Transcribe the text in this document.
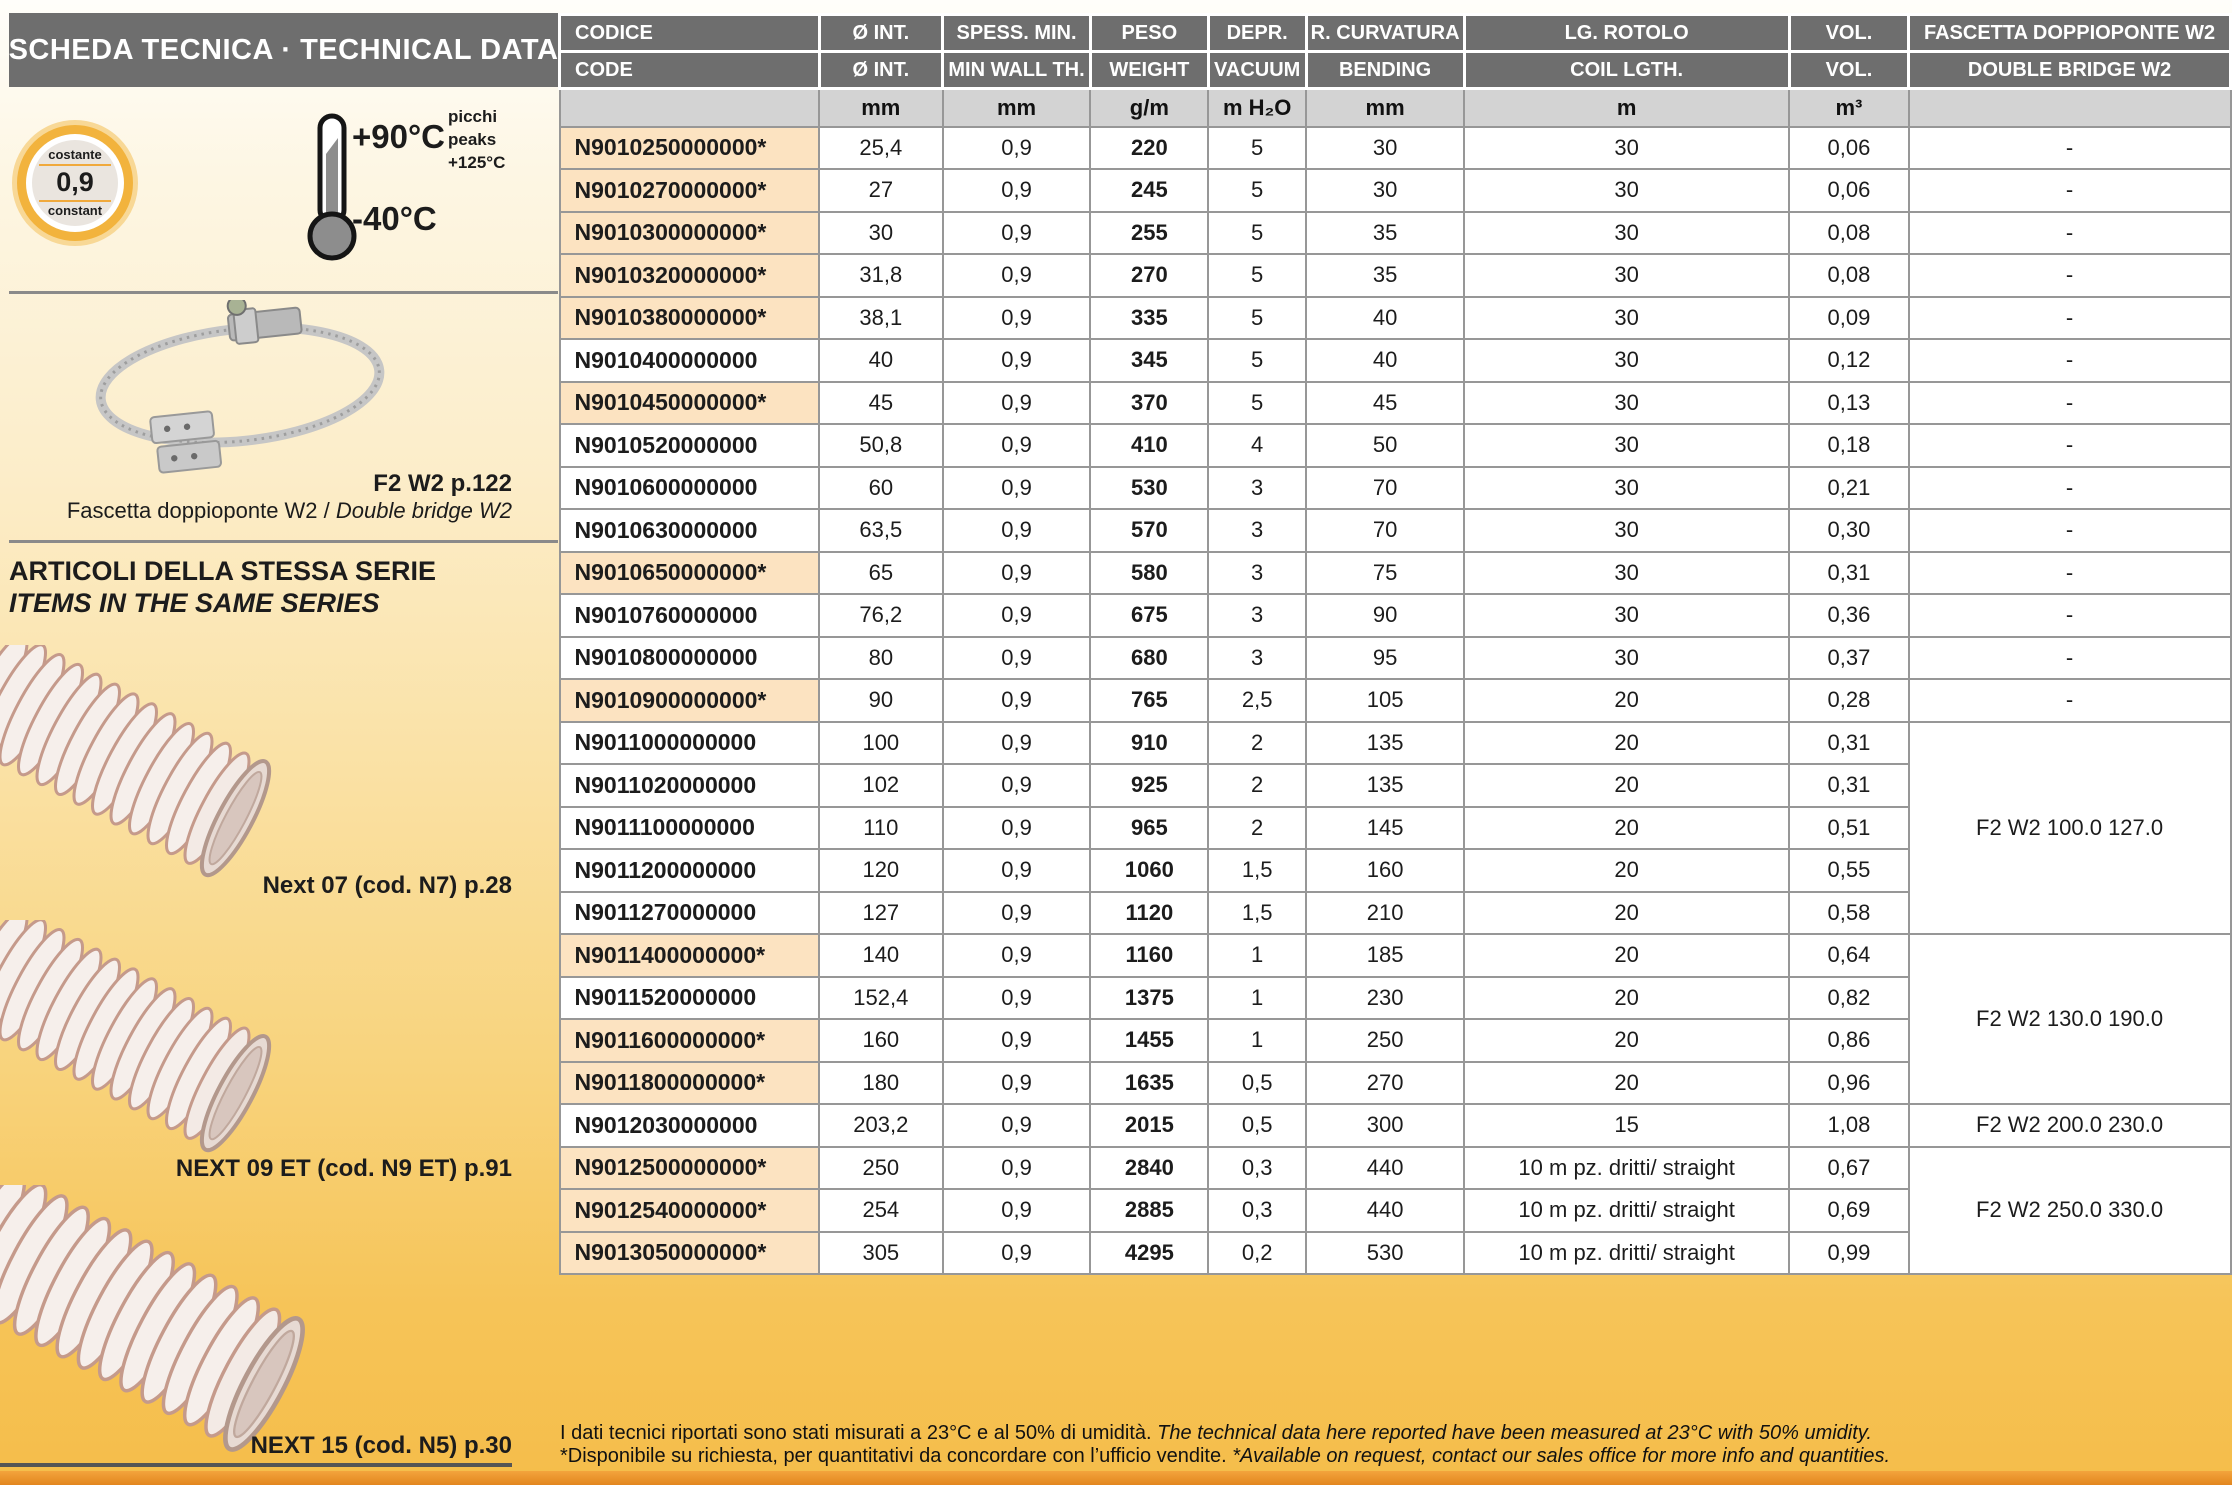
SCHEDA TECNICA · TECHNICAL DATA
costante
0,9
constant
+90°C
picchi
peaks
+125°C
-40°C
F2 W2 p.122
Fascetta doppioponte W2 / Double bridge W2
ARTICOLI DELLA STESSA SERIE
ITEMS IN THE SAME SERIES
Next 07 (cod. N7) p.28
NEXT 09 ET (cod. N9 ET) p.91
NEXT 15 (cod. N5) p.30
CODICE	Ø INT.	SPESS. MIN.	PESO	DEPR.	R. CURVATURA	LG. ROTOLO	VOL.	FASCETTA DOPPIOPONTE W2
CODE	Ø INT.	MIN WALL TH.	WEIGHT	VACUUM	BENDING	COIL LGTH.	VOL.	DOUBLE BRIDGE W2
	mm	mm	g/m	m H₂O	mm	m	m³	
N9010250000000*	25,4	0,9	220	5	30	30	0,06	-
N9010270000000*	27	0,9	245	5	30	30	0,06	-
N9010300000000*	30	0,9	255	5	35	30	0,08	-
N9010320000000*	31,8	0,9	270	5	35	30	0,08	-
N9010380000000*	38,1	0,9	335	5	40	30	0,09	-
N9010400000000	40	0,9	345	5	40	30	0,12	-
N9010450000000*	45	0,9	370	5	45	30	0,13	-
N9010520000000	50,8	0,9	410	4	50	30	0,18	-
N9010600000000	60	0,9	530	3	70	30	0,21	-
N9010630000000	63,5	0,9	570	3	70	30	0,30	-
N9010650000000*	65	0,9	580	3	75	30	0,31	-
N9010760000000	76,2	0,9	675	3	90	30	0,36	-
N9010800000000	80	0,9	680	3	95	30	0,37	-
N9010900000000*	90	0,9	765	2,5	105	20	0,28	-
N9011000000000	100	0,9	910	2	135	20	0,31	F2 W2 100.0 127.0
N9011020000000	102	0,9	925	2	135	20	0,31	
N9011100000000	110	0,9	965	2	145	20	0,51	
N9011200000000	120	0,9	1060	1,5	160	20	0,55	
N9011270000000	127	0,9	1120	1,5	210	20	0,58	
N9011400000000*	140	0,9	1160	1	185	20	0,64	F2 W2 130.0 190.0
N9011520000000	152,4	0,9	1375	1	230	20	0,82	
N9011600000000*	160	0,9	1455	1	250	20	0,86	
N9011800000000*	180	0,9	1635	0,5	270	20	0,96	
N9012030000000	203,2	0,9	2015	0,5	300	15	1,08	F2 W2 200.0 230.0
N9012500000000*	250	0,9	2840	0,3	440	10 m pz. dritti/ straight	0,67	F2 W2 250.0 330.0
N9012540000000*	254	0,9	2885	0,3	440	10 m pz. dritti/ straight	0,69	
N9013050000000*	305	0,9	4295	0,2	530	10 m pz. dritti/ straight	0,99	
I dati tecnici riportati sono stati misurati a 23°C e al 50% di umidità. The technical data here reported have been measured at 23°C with 50% umidity.
*Disponibile su richiesta, per quantitativi da concordare con l’ufficio vendite. *Available on request, contact our sales office for more info and quantities.
